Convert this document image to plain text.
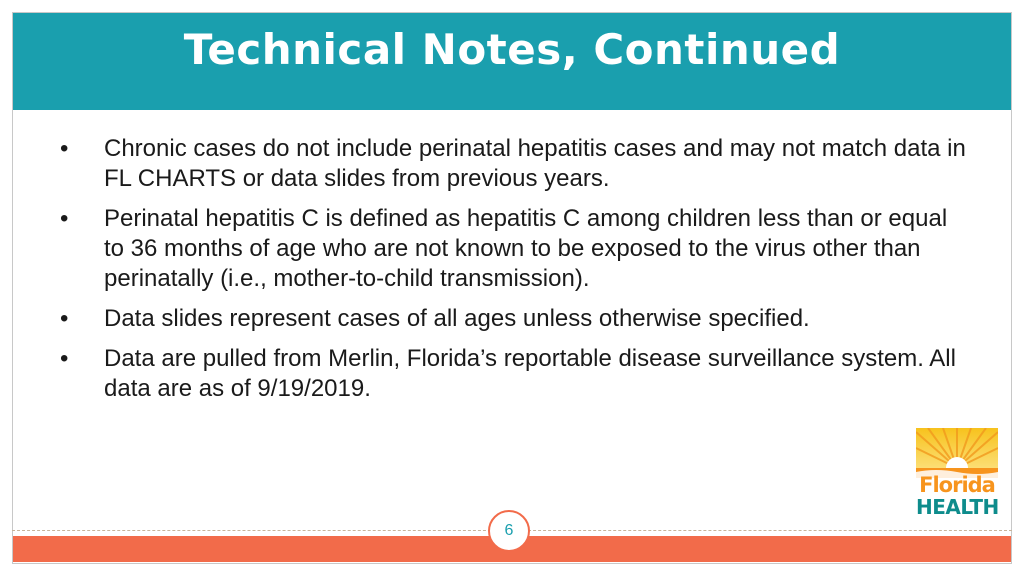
Technical Notes, Continued
•	Chronic cases do not include perinatal hepatitis cases and may not match data in FL CHARTS or data slides from previous years.
•	Perinatal hepatitis C is defined as hepatitis C among children less than or equal to 36 months of age who are not known to be exposed to the virus other than perinatally (i.e., mother-to-child transmission).
•	Data slides represent cases of all ages unless otherwise specified.
•	Data are pulled from Merlin, Florida’s reportable disease surveillance system. All data are as of 9/19/2019.
Florida
HEALTH
6
